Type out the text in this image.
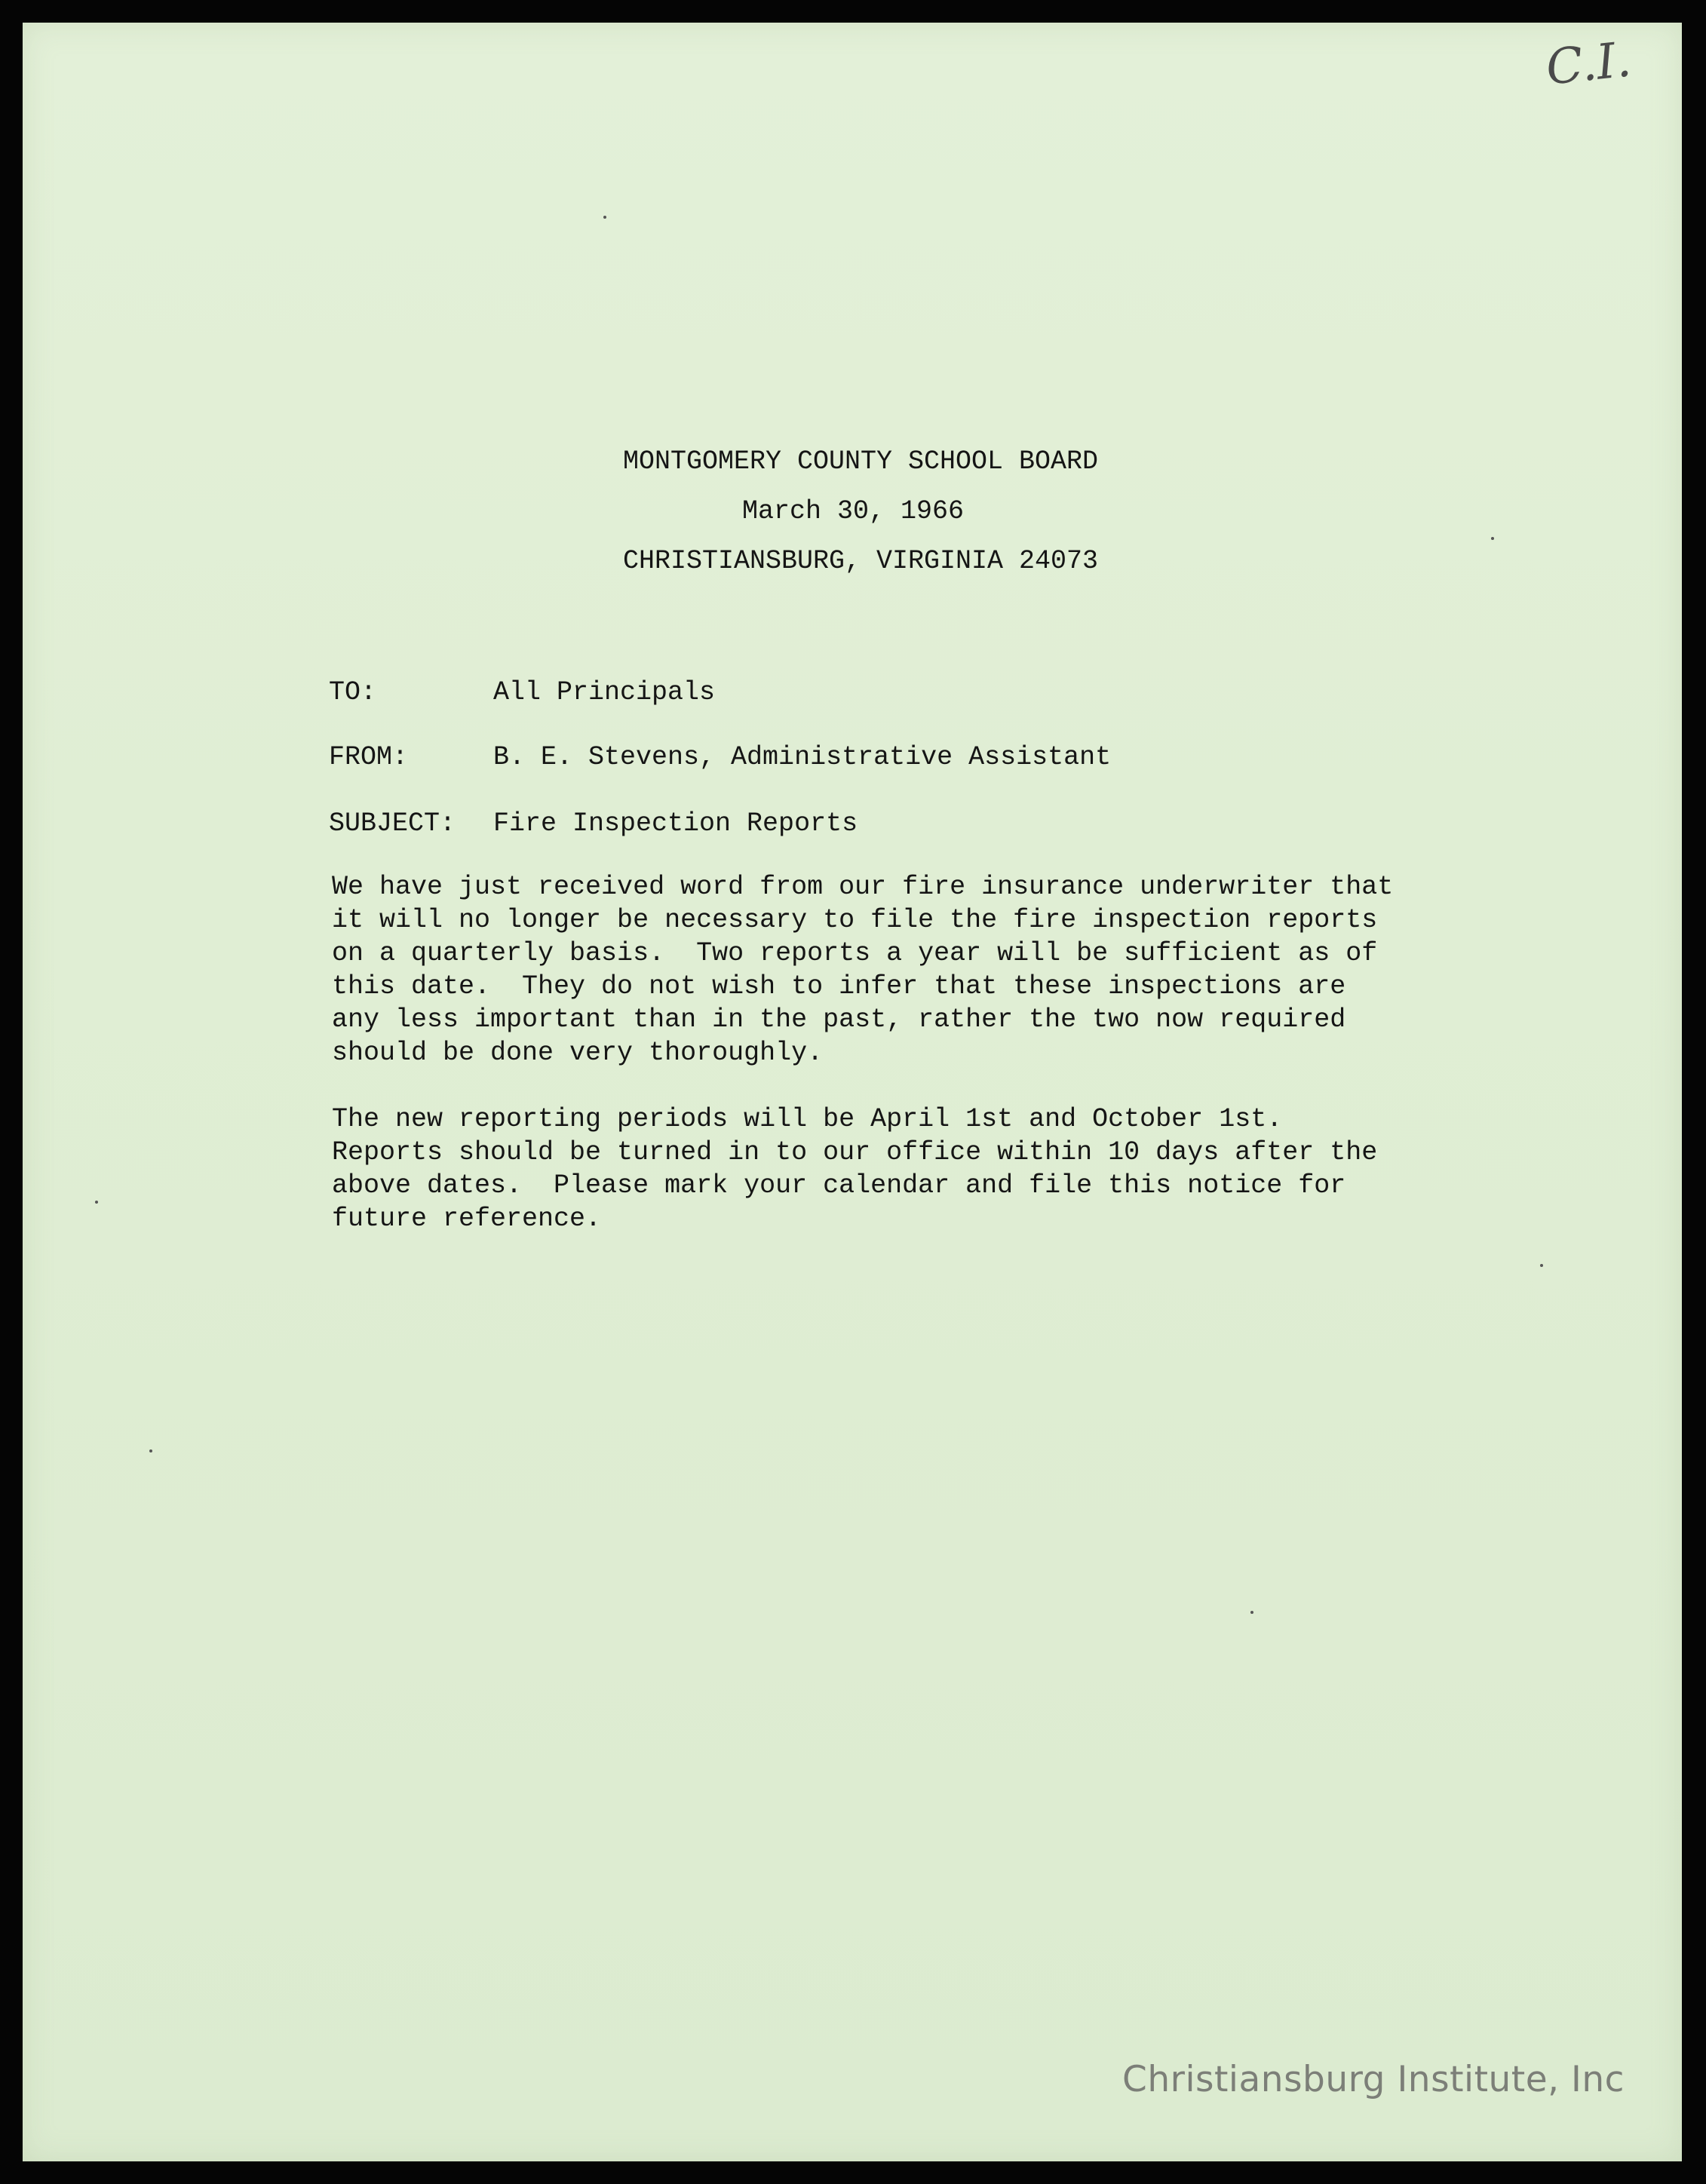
C.I.

MONTGOMERY COUNTY SCHOOL BOARD

CHRISTIANSBURG, VIRGINIA 24073

March 30, 1966
TO:	All Principals
FROM:	B. E. Stevens, Administrative Assistant
SUBJECT: Fire Inspection Reports
We have just received word from our fire insurance underwriter that
it will no longer be necessary to file the fire inspection reports
on a quarterly basis.  Two reports a year will be sufficient as of
this date.  They do not wish to infer that these inspections are
any less important than in the past, rather the two now required
should be done very thoroughly.
The new reporting periods will be April 1st and October 1st.
Reports should be turned in to our office within 10 days after the
above dates.  Please mark your calendar and file this notice for
future reference.
Christiansburg Institute, Inc
